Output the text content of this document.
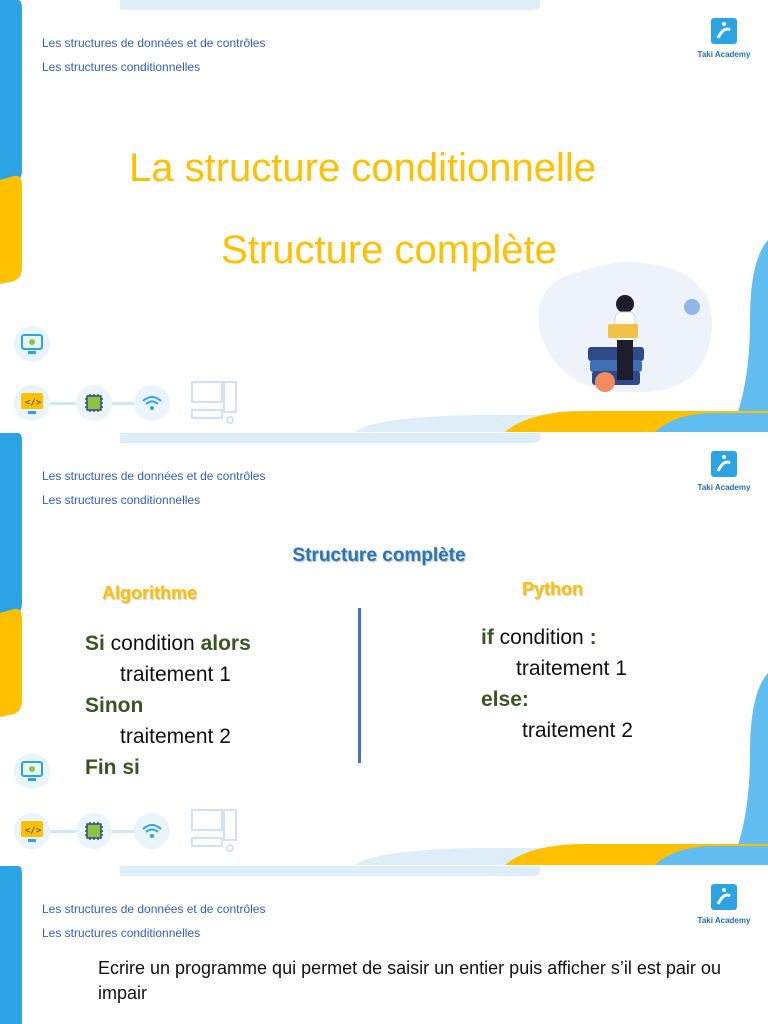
Les structures de données et de contrôles
Les structures conditionnelles
Taki Academy
La structure conditionnelle
Structure complète
</>
Les structures de données et de contrôles
Les structures conditionnelles
Taki Academy
Structure complète
Algorithme	Python
Si condition alors
traitement 1
Sinon
traitement 2
Fin si
if condition :
traitement 1
else:
traitement 2
</>
Les structures de données et de contrôles
Les structures conditionnelles
Taki Academy
Ecrire un programme qui permet de saisir un entier puis afficher s’il est pair ou impair
